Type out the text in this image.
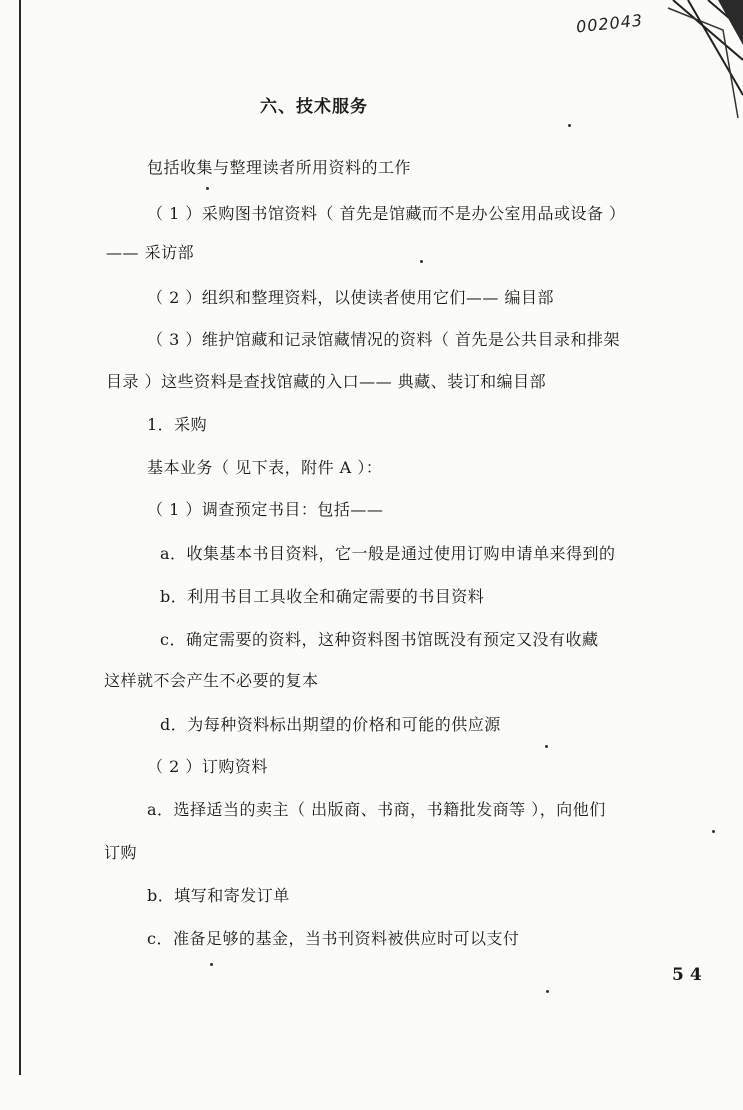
002043
六、技术服务
包括收集与整理读者所用资料的工作
（ 1 ）采购图书馆资料（ 首先是馆藏而不是办公室用品或设备 ）
—— 采访部
（ 2 ）组织和整理资料，以使读者使用它们—— 编目部
（ 3 ）维护馆藏和记录馆藏情况的资料（ 首先是公共目录和排架
目录 ）这些资料是查找馆藏的入口—— 典藏、装订和编目部
1．采购
基本业务（ 见下表，附件 A ）：
（ 1 ）调查预定书目：包括——
a．收集基本书目资料，它一般是通过使用订购申请单来得到的
b．利用书目工具收全和确定需要的书目资料
c．确定需要的资料，这种资料图书馆既没有预定又没有收藏
这样就不会产生不必要的复本
d．为每种资料标出期望的价格和可能的供应源
（ 2 ）订购资料
a．选择适当的卖主（ 出版商、书商，书籍批发商等 ），向他们
订购
b．填写和寄发订单
c．准备足够的基金，当书刊资料被供应时可以支付
54
